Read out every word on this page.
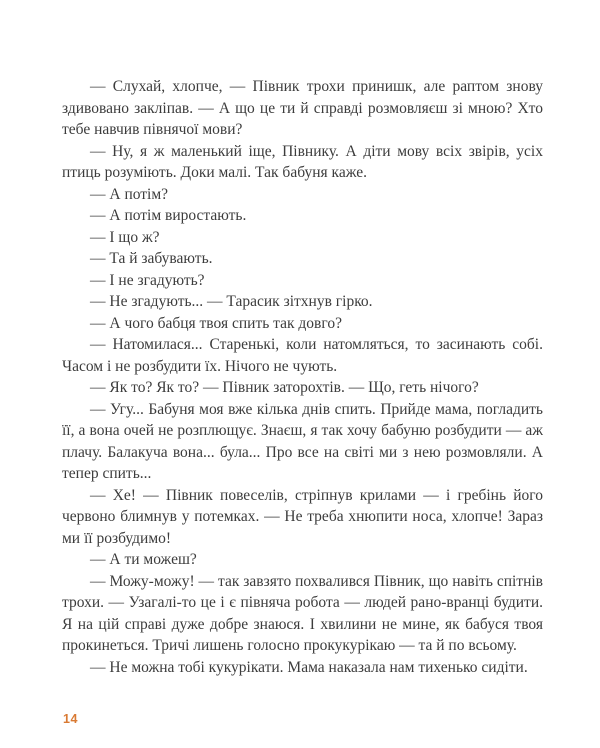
— Слухай, хлопче, — Півник трохи принишк, але раптом знову здивовано закліпав. — А що це ти й справді розмовляєш зі мною? Хто тебе навчив півнячої мови?

— Ну, я ж маленький іще, Півнику. А діти мову всіх звірів, усіх птиць розуміють. Доки малі. Так бабуня каже.

— А потім?

— А потім виростають.

— І що ж?

— Та й забувають.

— І не згадують?

— Не згадують... — Тарасик зітхнув гірко.

— А чого бабця твоя спить так довго?

— Натомилася... Старенькі, коли натомляться, то засинають собі. Часом і не розбудити їх. Нічого не чують.

— Як то? Як то? — Півник заторохтів. — Що, геть нічого?

— Угу... Бабуня моя вже кілька днів спить. Прийде мама, погладить її, а вона очей не розплющує. Знаєш, я так хочу бабуню розбудити — аж плачу. Балакуча вона... була... Про все на світі ми з нею розмовляли. А тепер спить...

— Хе! — Півник повеселів, стріпнув крилами — і гребінь його червоно блимнув у потемках. — Не треба хнюпити носа, хлопче! Зараз ми її розбудимо!

— А ти можеш?

— Можу-можу! — так завзято похвалився Півник, що навіть спітнів трохи. — Узагалі-то це і є півняча робота — людей рано-вранці будити. Я на цій справі дуже добре знаюся. І хвилини не мине, як бабуся твоя прокинеться. Тричі лишень голосно прокукурікаю — та й по всьому.

— Не можна тобі кукурікати. Мама наказала нам тихенько сидіти.

14
